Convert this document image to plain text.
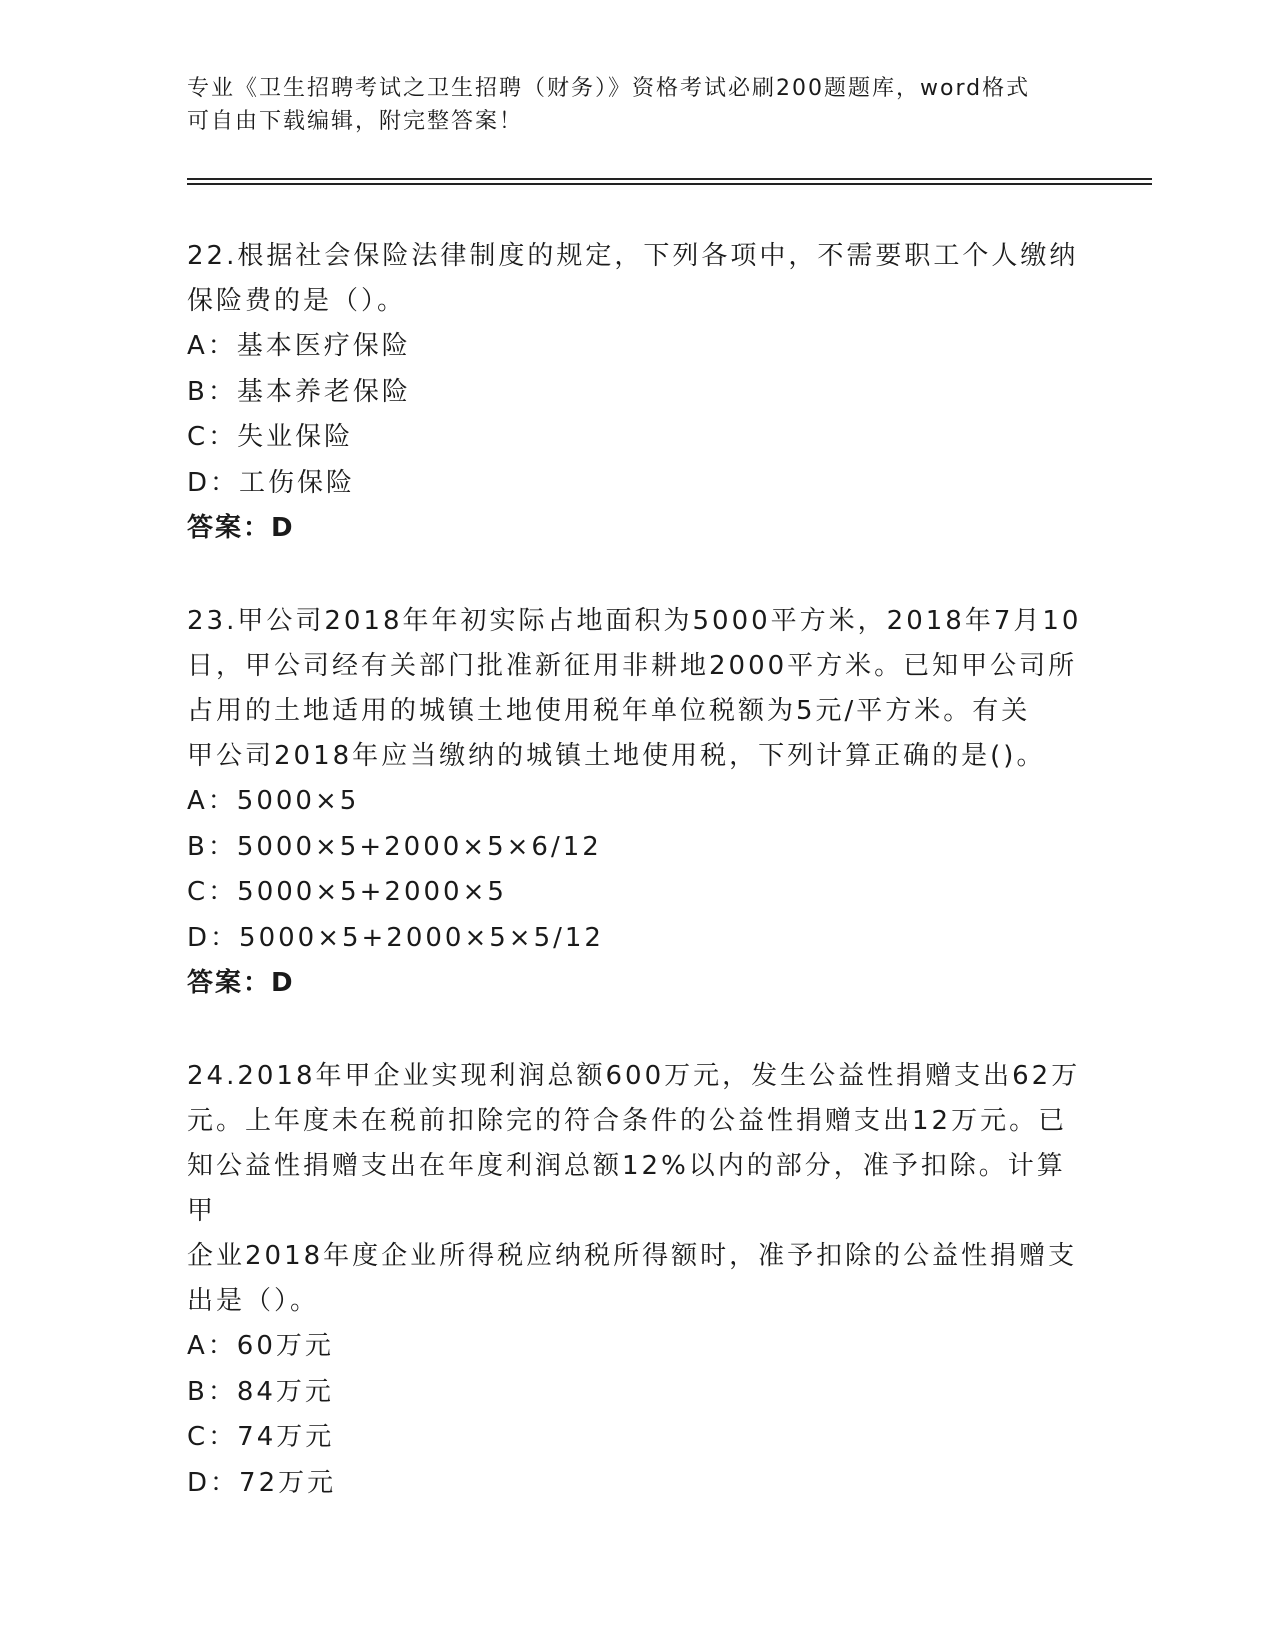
专业《卫生招聘考试之卫生招聘（财务）》资格考试必刷200题题库，word格式
可自由下载编辑，附完整答案！
22.根据社会保险法律制度的规定，下列各项中，不需要职工个人缴纳
保险费的是（）。
A：基本医疗保险
B：基本养老保险
C：失业保险
D：工伤保险
答案：D
23.甲公司2018年年初实际占地面积为5000平方米，2018年7月10
日，甲公司经有关部门批准新征用非耕地2000平方米。已知甲公司所
占用的土地适用的城镇土地使用税年单位税额为5元/平方米。有关
甲公司2018年应当缴纳的城镇土地使用税，下列计算正确的是()。
A：5000×5
B：5000×5+2000×5×6/12
C：5000×5+2000×5
D：5000×5+2000×5×5/12
答案：D
24.2018年甲企业实现利润总额600万元，发生公益性捐赠支出62万
元。上年度未在税前扣除完的符合条件的公益性捐赠支出12万元。已
知公益性捐赠支出在年度利润总额12%以内的部分，准予扣除。计算甲
企业2018年度企业所得税应纳税所得额时，准予扣除的公益性捐赠支
出是（）。
A：60万元
B：84万元
C：74万元
D：72万元
